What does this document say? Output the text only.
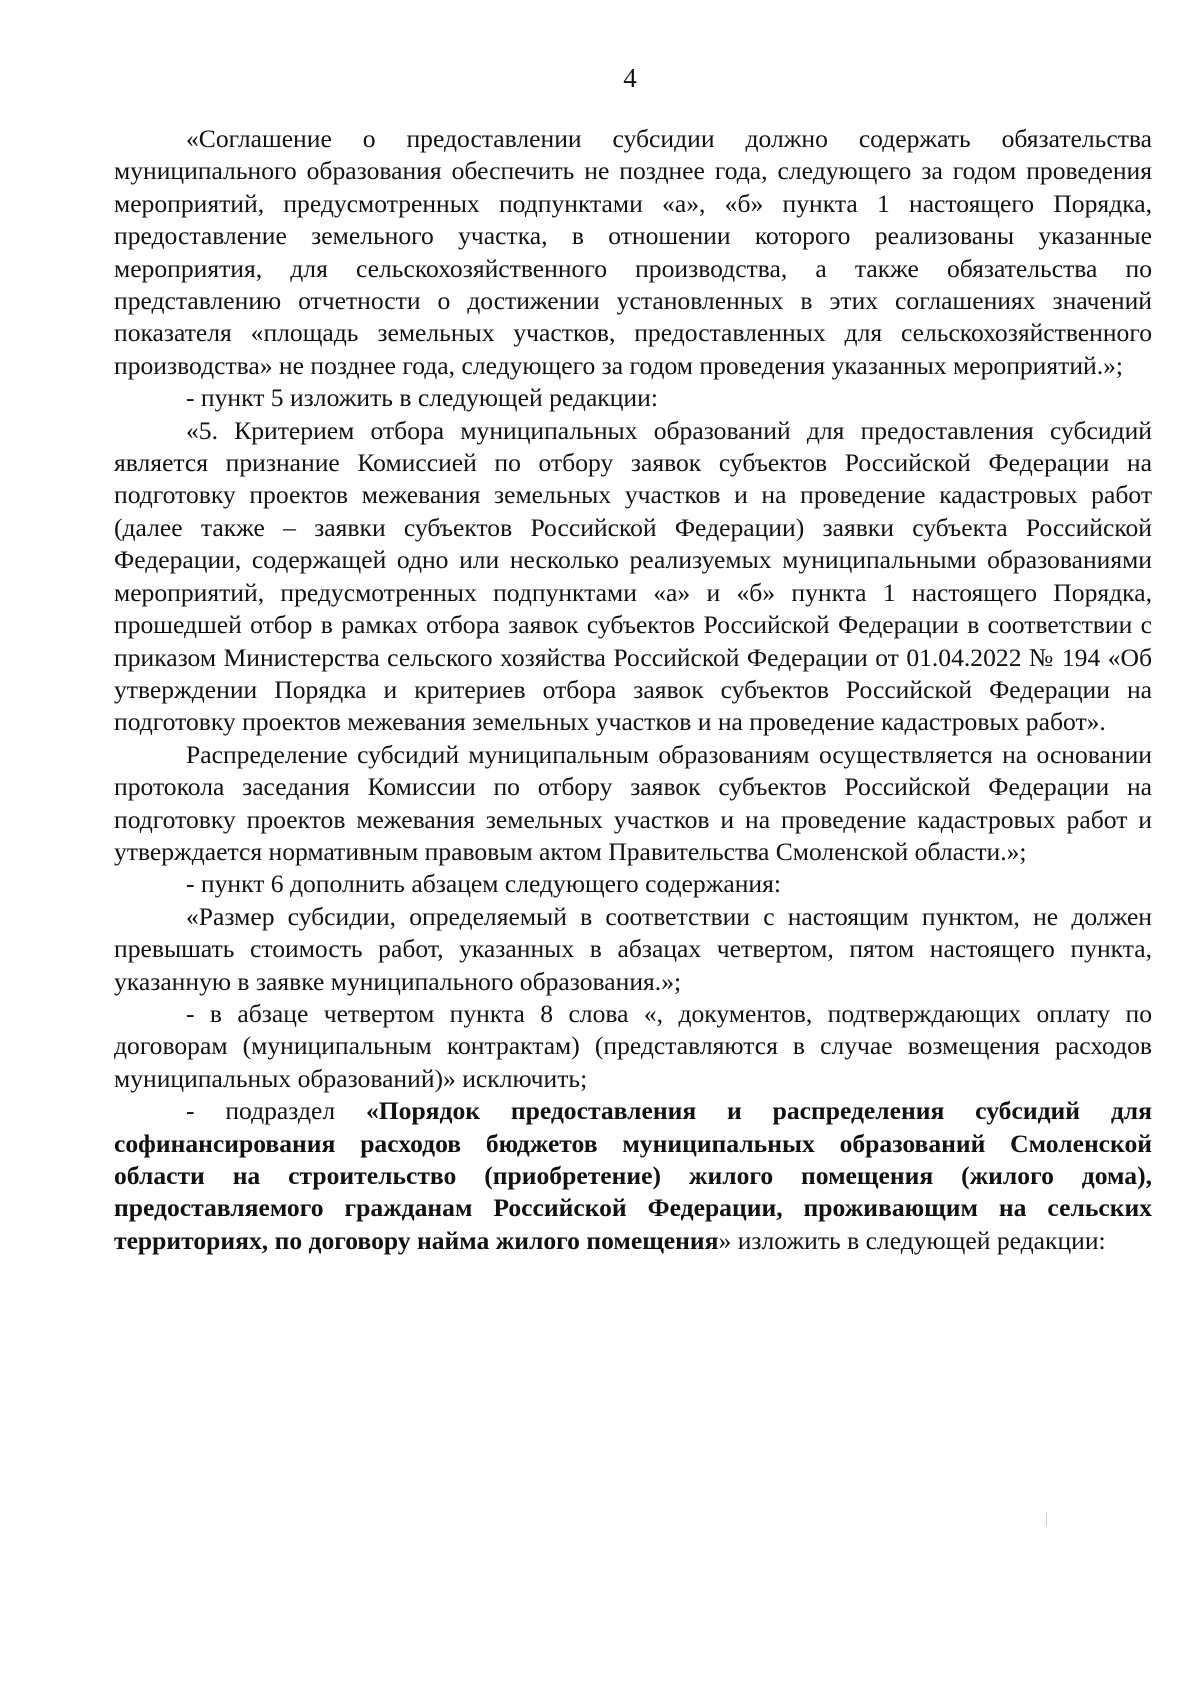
4

«Соглашение о предоставлении субсидии должно содержать обязательства муниципального образования обеспечить не позднее года, следующего за годом проведения мероприятий, предусмотренных подпунктами «а», «б» пункта 1 настоящего Порядка, предоставление земельного участка, в отношении которого реализованы указанные мероприятия, для сельскохозяйственного производства, а также обязательства по представлению отчетности о достижении установленных в этих соглашениях значений показателя «площадь земельных участков, предоставленных для сельскохозяйственного производства» не позднее года, следующего за годом проведения указанных мероприятий.»;

- пункт 5 изложить в следующей редакции:

«5. Критерием отбора муниципальных образований для предоставления субсидий является признание Комиссией по отбору заявок субъектов Российской Федерации на подготовку проектов межевания земельных участков и на проведение кадастровых работ (далее также – заявки субъектов Российской Федерации) заявки субъекта Российской Федерации, содержащей одно или несколько реализуемых муниципальными образованиями мероприятий, предусмотренных подпунктами «а» и «б» пункта 1 настоящего Порядка, прошедшей отбор в рамках отбора заявок субъектов Российской Федерации в соответствии с приказом Министерства сельского хозяйства Российской Федерации от 01.04.2022 № 194 «Об утверждении Порядка и критериев отбора заявок субъектов Российской Федерации на подготовку проектов межевания земельных участков и на проведение кадастровых работ».

Распределение субсидий муниципальным образованиям осуществляется на основании протокола заседания Комиссии по отбору заявок субъектов Российской Федерации на подготовку проектов межевания земельных участков и на проведение кадастровых работ и утверждается нормативным правовым актом Правительства Смоленской области.»;

- пункт 6 дополнить абзацем следующего содержания:

«Размер субсидии, определяемый в соответствии с настоящим пунктом, не должен превышать стоимость работ, указанных в абзацах четвертом, пятом настоящего пункта, указанную в заявке муниципального образования.»;

- в абзаце четвертом пункта 8 слова «, документов, подтверждающих оплату по договорам (муниципальным контрактам) (представляются в случае возмещения расходов муниципальных образований)» исключить;

- подраздел «Порядок предоставления и распределения субсидий для софинансирования расходов бюджетов муниципальных образований Смоленской области на строительство (приобретение) жилого помещения (жилого дома), предоставляемого гражданам Российской Федерации, проживающим на сельских территориях, по договору найма жилого помещения» изложить в следующей редакции:
